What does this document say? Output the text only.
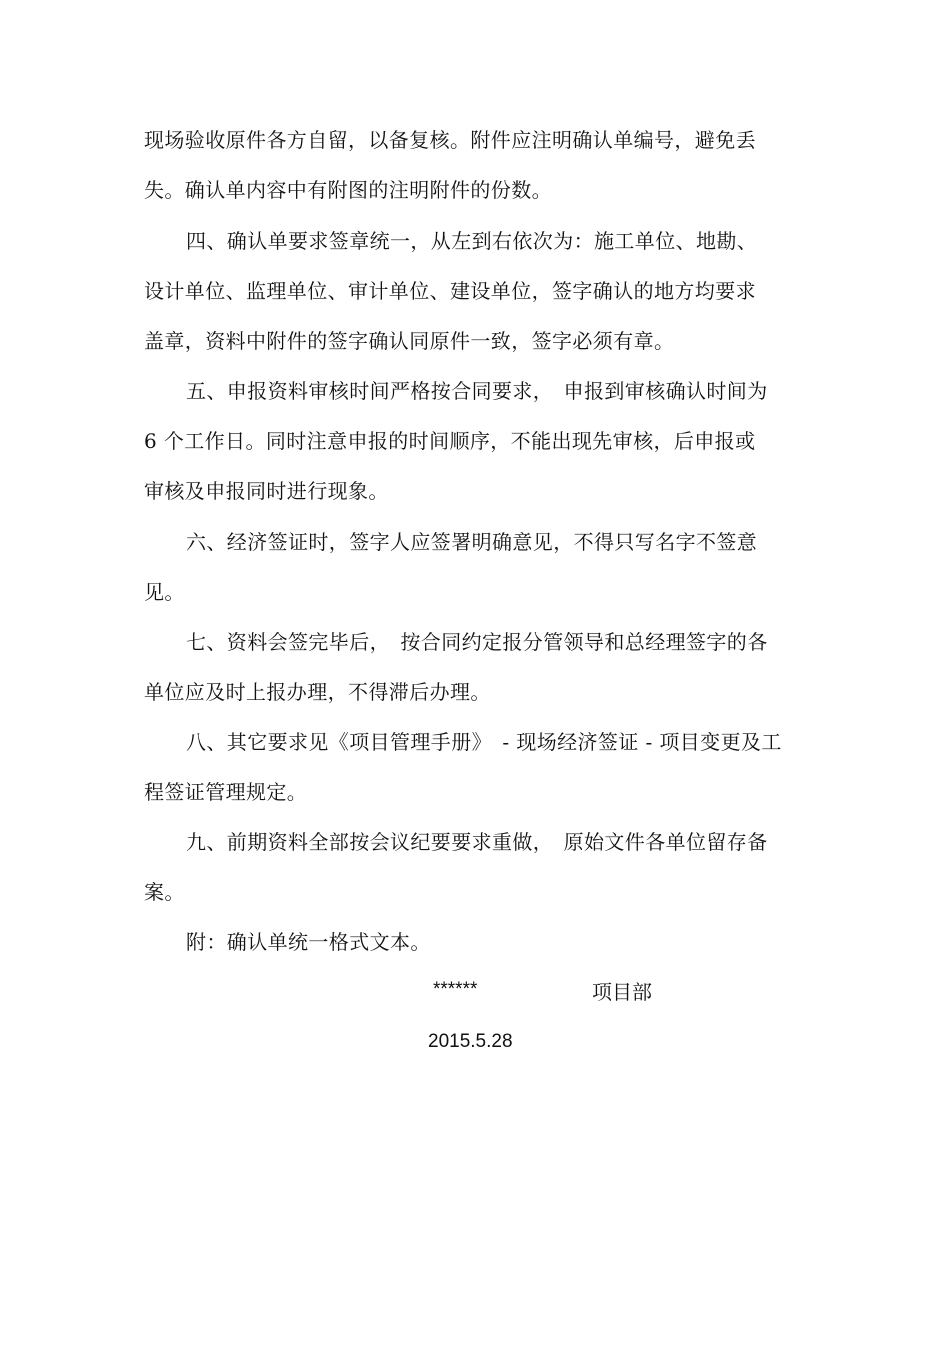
现场验收原件各方自留，以备复核。附件应注明确认单编号，避免丢
失。确认单内容中有附图的注明附件的份数。
四、确认单要求签章统一，从左到右依次为：施工单位、地勘、
设计单位、监理单位、审计单位、建设单位，签字确认的地方均要求
盖章，资料中附件的签字确认同原件一致，签字必须有章。
五、申报资料审核时间严格按合同要求，　申报到审核确认时间为
6 个工作日。同时注意申报的时间顺序，不能出现先审核，后申报或
审核及申报同时进行现象。
六、经济签证时，签字人应签署明确意见，不得只写名字不签意
见。
七、资料会签完毕后，　按合同约定报分管领导和总经理签字的各
单位应及时上报办理，不得滞后办理。
八、其它要求见《项目管理手册》　- 现场经济签证 - 项目变更及工
程签证管理规定。
九、前期资料全部按会议纪要要求重做，　原始文件各单位留存备
案。
附：确认单统一格式文本。
******	项目部
2015.5.28
